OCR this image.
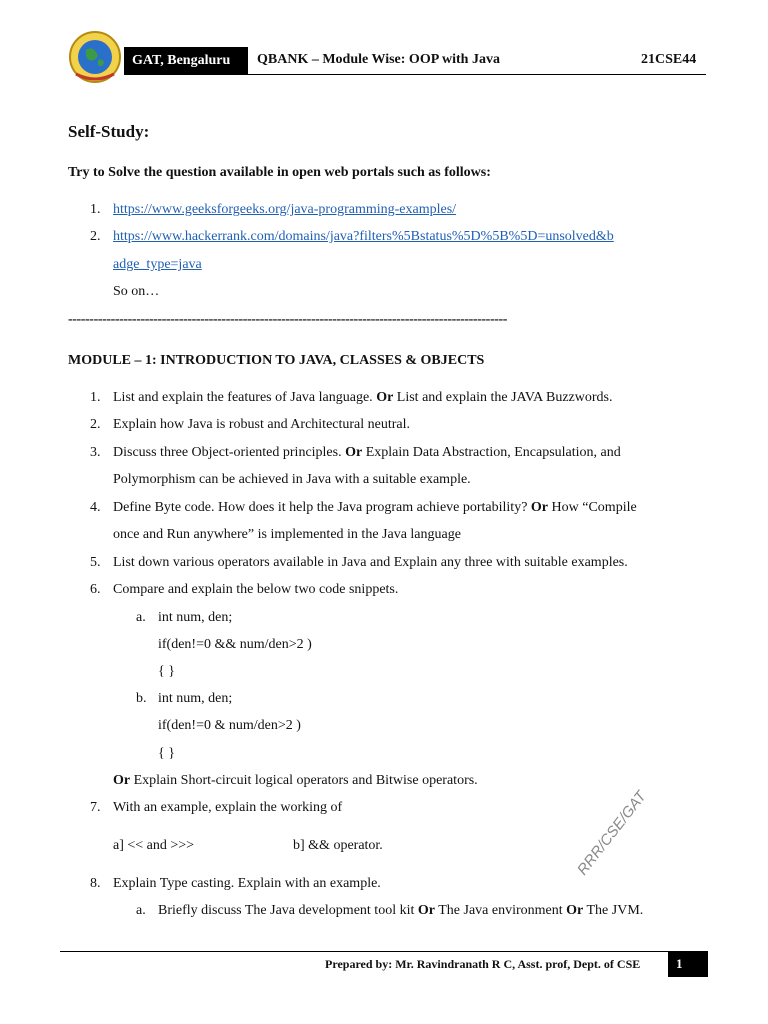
GAT, Bengaluru	QBANK – Module Wise: OOP with Java	21CSE44
Self-Study:
Try to Solve the question available in open web portals such as follows:
1. https://www.geeksforgeeks.org/java-programming-examples/
2. https://www.hackerrank.com/domains/java?filters%5Bstatus%5D%5B%5D=unsolved&b
adge_type=java
So on…
-------------------------------------------------------------------------------------------------------
MODULE – 1: INTRODUCTION TO JAVA, CLASSES & OBJECTS
1. List and explain the features of Java language. Or List and explain the JAVA Buzzwords.
2. Explain how Java is robust and Architectural neutral.
3. Discuss three Object-oriented principles. Or Explain Data Abstraction, Encapsulation, and
Polymorphism can be achieved in Java with a suitable example.
4. Define Byte code. How does it help the Java program achieve portability? Or How “Compile
once and Run anywhere” is implemented in the Java language
5. List down various operators available in Java and Explain any three with suitable examples.
6. Compare and explain the below two code snippets.
a. int num, den;
if(den!=0 && num/den>2 )
{ }
b. int num, den;
if(den!=0 & num/den>2 )
{ }
Or Explain Short-circuit logical operators and Bitwise operators.
7. With an example, explain the working of
a] << and >>>	b] && operator.
8. Explain Type casting. Explain with an example.
a. Briefly discuss The Java development tool kit Or The Java environment Or The JVM.
RRR/CSE/GAT
Prepared by: Mr. Ravindranath R C, Asst. prof, Dept. of CSE	1
